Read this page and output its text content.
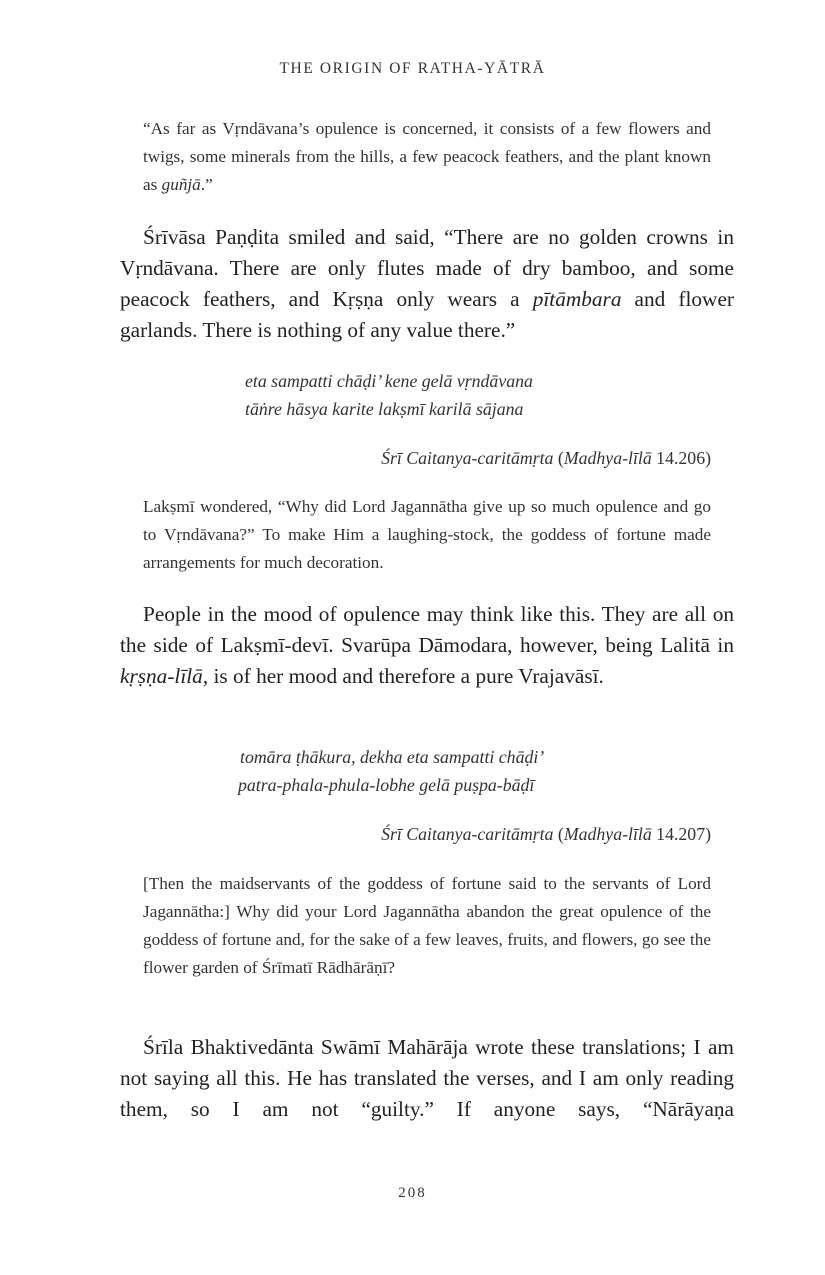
THE ORIGIN OF RATHA-YĀTRĀ
“As far as Vṛndāvana’s opulence is concerned, it consists of a few flowers and twigs, some minerals from the hills, a few peacock feathers, and the plant known as guñjā.”
Śrīvāsa Paṇḍita smiled and said, “There are no golden crowns in Vṛndāvana. There are only flutes made of dry bamboo, and some peacock feathers, and Kṛṣṇa only wears a pītāmbara and flower garlands. There is nothing of any value there.”
eta sampatti chāḍi’ kene gelā vṛndāvana
tāṅre hāsya karite lakṣmī karilā sājana
Śrī Caitanya-caritāmṛta (Madhya-līlā 14.206)
Lakṣmī wondered, “Why did Lord Jagannātha give up so much opulence and go to Vṛndāvana?” To make Him a laughing-stock, the goddess of fortune made arrangements for much decoration.
People in the mood of opulence may think like this. They are all on the side of Lakṣmī-devī. Svarūpa Dāmodara, however, being Lalitā in kṛṣṇa-līlā, is of her mood and therefore a pure Vrajavāsī.
tomāra ṭhākura, dekha eta sampatti chāḍi’
patra-phala-phula-lobhe gelā puṣpa-bāḍī
Śrī Caitanya-caritāmṛta (Madhya-līlā 14.207)
[Then the maidservants of the goddess of fortune said to the servants of Lord Jagannātha:] Why did your Lord Jagannātha abandon the great opulence of the goddess of fortune and, for the sake of a few leaves, fruits, and flowers, go see the flower garden of Śrīmatī Rādhārāṇī?
Śrīla Bhaktivedānta Swāmī Mahārāja wrote these translations; I am not saying all this. He has translated the verses, and I am only reading them, so I am not “guilty.” If anyone says, “Nārāyaṇa
208
